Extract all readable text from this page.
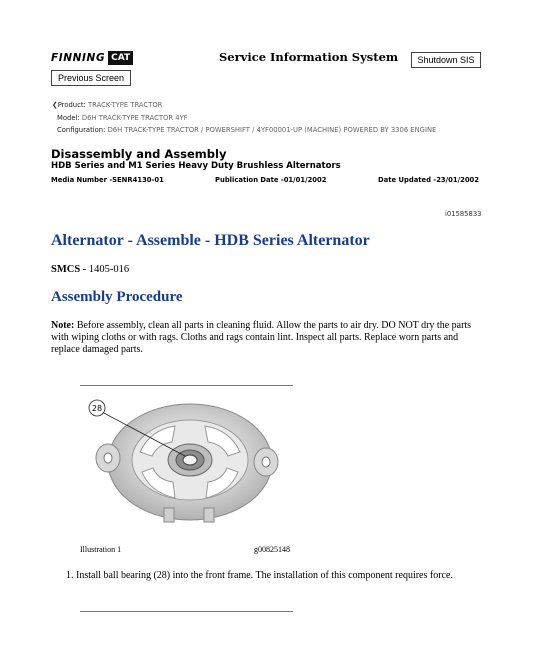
FINNING CAT	Service Information System
Previous Screen
Shutdown SIS
❮Product: TRACK-TYPE TRACTOR
Model: D6H TRACK-TYPE TRACTOR 4YF
Configuration: D6H TRACK-TYPE TRACTOR / POWERSHIFT / 4YF00001-UP (MACHINE) POWERED BY 3306 ENGINE
Disassembly and Assembly
HDB Series and M1 Series Heavy Duty Brushless Alternators
Media Number -SENR4130-01	Publication Date -01/01/2002	Date Updated -23/01/2002
i01585833
Alternator - Assemble - HDB Series Alternator
SMCS - 1405-016
Assembly Procedure
Note: Before assembly, clean all parts in cleaning fluid. Allow the parts to air dry. DO NOT dry the parts with wiping cloths or with rags. Cloths and rags contain lint. Inspect all parts. Replace worn parts and replace damaged parts.
28
Illustration 1	g00825148
1. Install ball bearing (28) into the front frame. The installation of this component requires force.
